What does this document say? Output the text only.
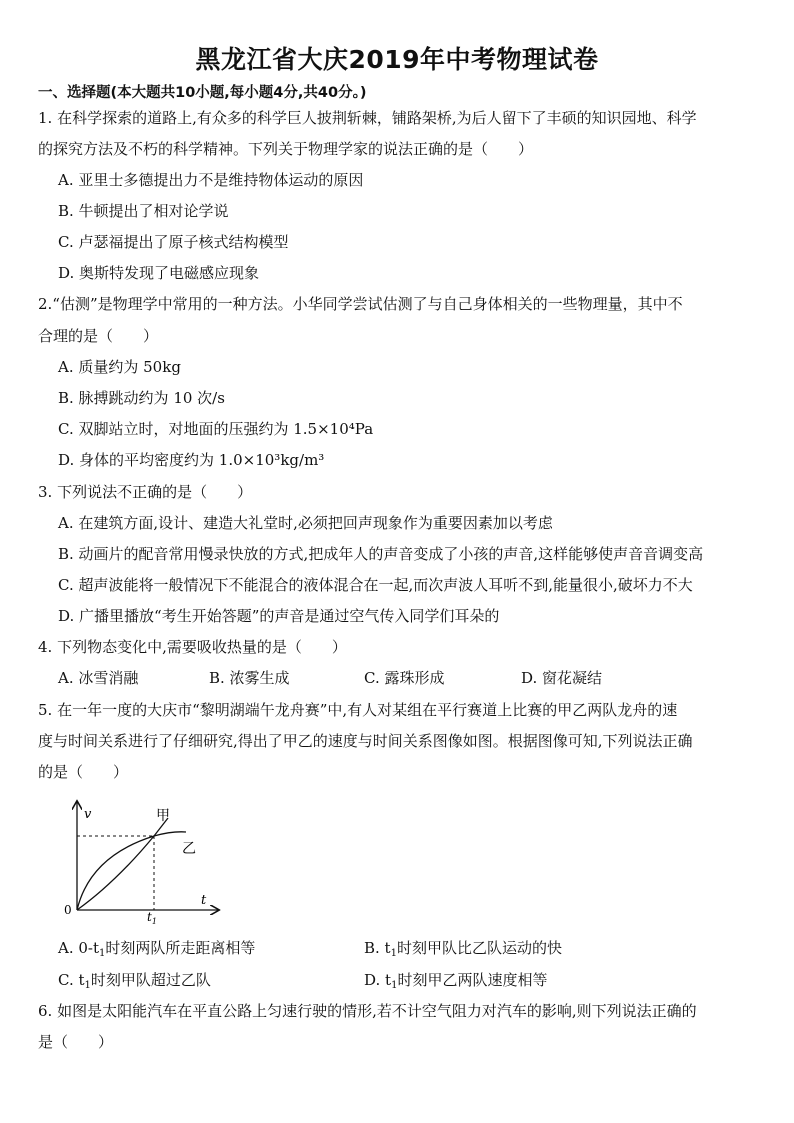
黑龙江省大庆2019年中考物理试卷
一、选择题(本大题共10小题,每小题4分,共40分。)
1. 在科学探索的道路上,有众多的科学巨人披荆斩棘，铺路架桥,为后人留下了丰硕的知识园地、科学
的探究方法及不朽的科学精神。下列关于物理学家的说法正确的是（　　）
A. 亚里士多德提出力不是维持物体运动的原因
B. 牛顿提出了相对论学说
C. 卢瑟福提出了原子核式结构模型
D. 奥斯特发现了电磁感应现象
2.“估测”是物理学中常用的一种方法。小华同学尝试估测了与自己身体相关的一些物理量，其中不
合理的是（　　）
A. 质量约为 50kg
B. 脉搏跳动约为 10 次/s
C. 双脚站立时，对地面的压强约为 1.5×10⁴Pa
D. 身体的平均密度约为 1.0×10³kg/m³
3. 下列说法不正确的是（　　）
A. 在建筑方面,设计、建造大礼堂时,必须把回声现象作为重要因素加以考虑
B. 动画片的配音常用慢录快放的方式,把成年人的声音变成了小孩的声音,这样能够使声音音调变高
C. 超声波能将一般情况下不能混合的液体混合在一起,而次声波人耳听不到,能量很小,破坏力不大
D. 广播里播放“考生开始答题”的声音是通过空气传入同学们耳朵的
4. 下列物态变化中,需要吸收热量的是（　　）
A. 冰雪消融	B. 浓雾生成	C. 露珠形成	D. 窗花凝结
5. 在一年一度的大庆市“黎明湖端午龙舟赛”中,有人对某组在平行赛道上比赛的甲乙两队龙舟的速
度与时间关系进行了仔细研究,得出了甲乙的速度与时间关系图像如图。根据图像可知,下列说法正确
的是（　　）
v
t
0	$t_1$
甲
乙
A. $0-t_1$时刻两队所走距离相等	B. $t_1$时刻甲队比乙队运动的快
C. $t_1$时刻甲队超过乙队	D. $t_1$时刻甲乙两队速度相等
6. 如图是太阳能汽车在平直公路上匀速行驶的情形,若不计空气阻力对汽车的影响,则下列说法正确的
是（　　）
